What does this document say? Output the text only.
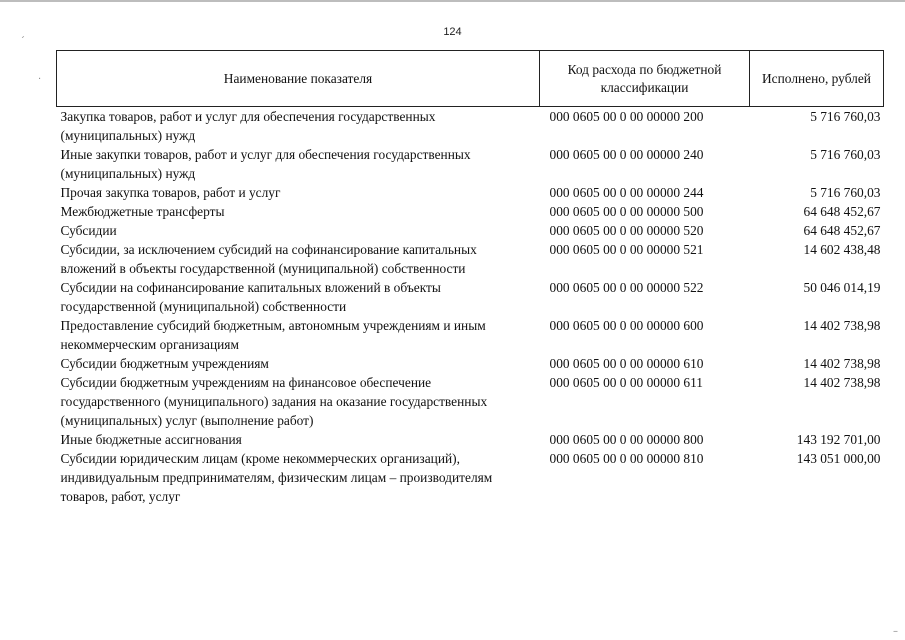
124
´
·
–
Наименование показателя	Код расхода по бюджетной классификации	Исполнено, рублей
Закупка товаров, работ и услуг для обеспечения государственных (муниципальных) нужд	000 0605 00 0 00 00000 200	5 716 760,03
Иные закупки товаров, работ и услуг для обеспечения государственных (муниципальных) нужд	000 0605 00 0 00 00000 240	5 716 760,03
Прочая закупка товаров, работ и услуг	000 0605 00 0 00 00000 244	5 716 760,03
Межбюджетные трансферты	000 0605 00 0 00 00000 500	64 648 452,67
Субсидии	000 0605 00 0 00 00000 520	64 648 452,67
Субсидии, за исключением субсидий на софинансирование капитальных вложений в объекты государственной (муниципальной) собственности	000 0605 00 0 00 00000 521	14 602 438,48
Субсидии на софинансирование капитальных вложений в объекты государственной (муниципальной) собственности	000 0605 00 0 00 00000 522	50 046 014,19
Предоставление субсидий бюджетным, автономным учреждениям и иным некоммерческим организациям	000 0605 00 0 00 00000 600	14 402 738,98
Субсидии бюджетным учреждениям	000 0605 00 0 00 00000 610	14 402 738,98
Субсидии бюджетным учреждениям на финансовое обеспечение государственного (муниципального) задания на оказание государственных (муниципальных) услуг (выполнение работ)	000 0605 00 0 00 00000 611	14 402 738,98
Иные бюджетные ассигнования	000 0605 00 0 00 00000 800	143 192 701,00
Субсидии юридическим лицам (кроме некоммерческих организаций), индивидуальным предпринимателям, физическим лицам – производителям товаров, работ, услуг	000 0605 00 0 00 00000 810	143 051 000,00
